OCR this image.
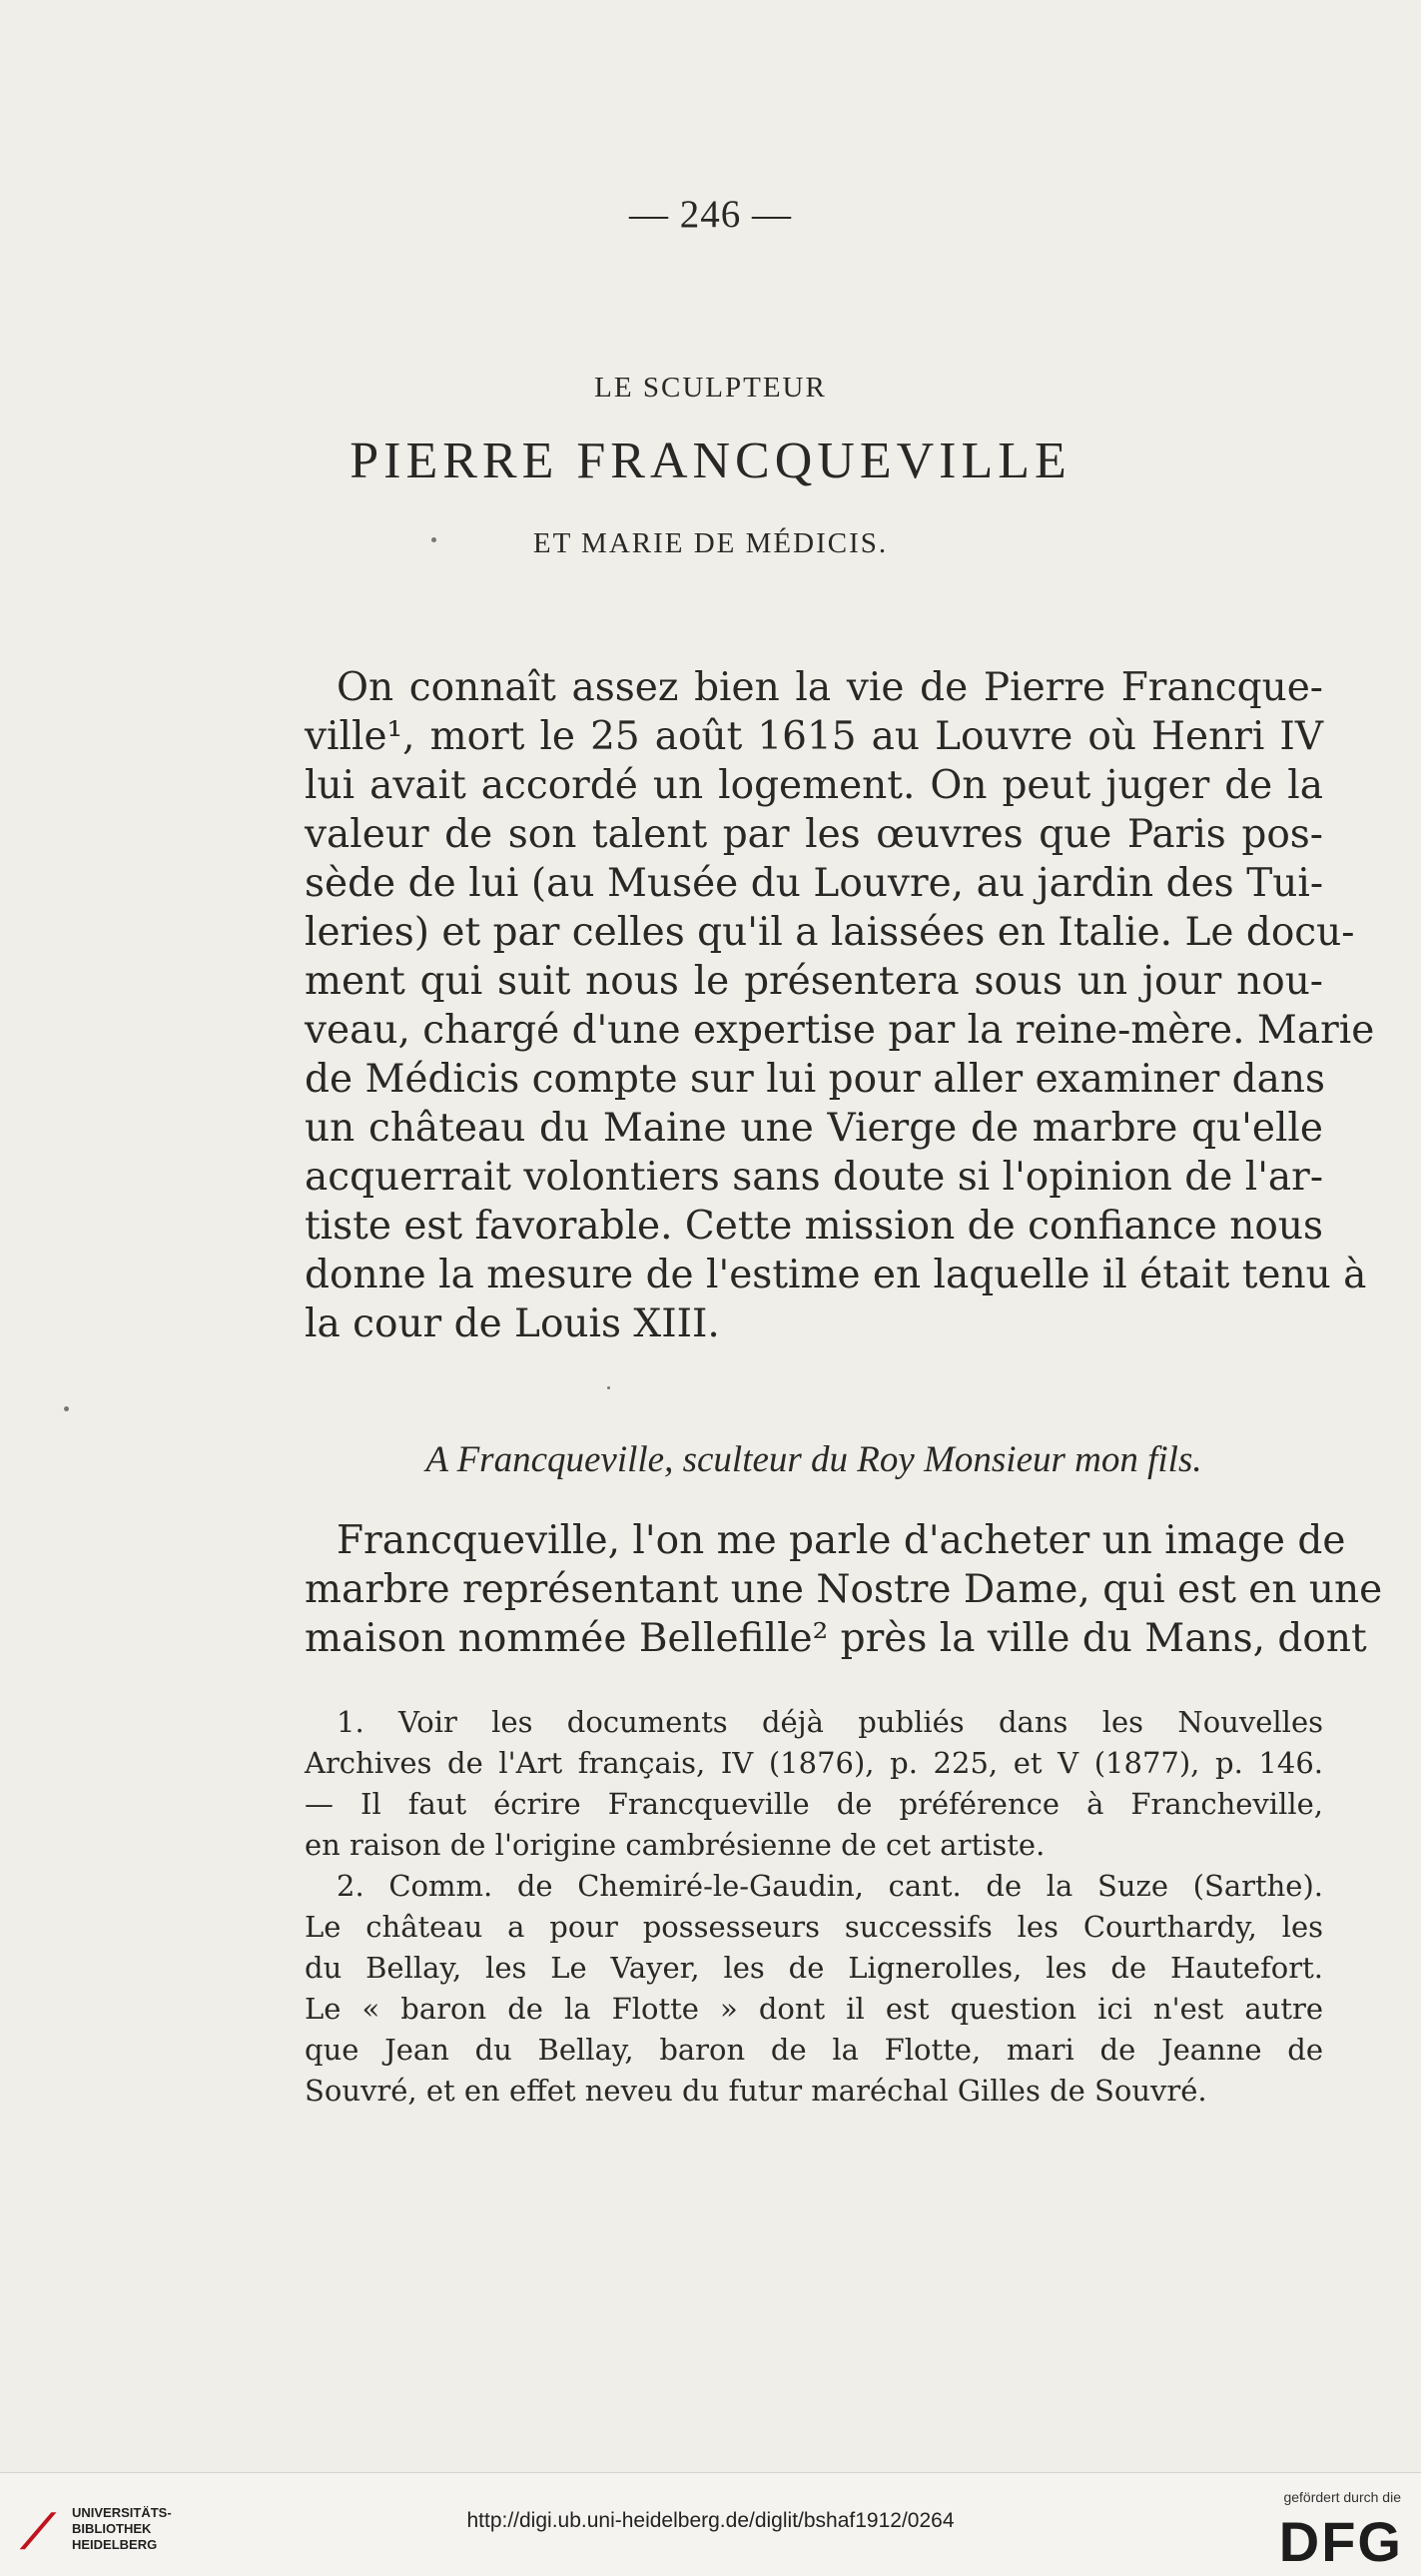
— 246 —
LE SCULPTEUR
PIERRE FRANCQUEVILLE
ET MARIE DE MÉDICIS.
On connaît assez bien la vie de Pierre Francque-
ville¹, mort le 25 août 1615 au Louvre où Henri IV
lui avait accordé un logement. On peut juger de la
valeur de son talent par les œuvres que Paris pos-
sède de lui (au Musée du Louvre, au jardin des Tui-
leries) et par celles qu'il a laissées en Italie. Le docu-
ment qui suit nous le présentera sous un jour nou-
veau, chargé d'une expertise par la reine-mère. Marie
de Médicis compte sur lui pour aller examiner dans
un château du Maine une Vierge de marbre qu'elle
acquerrait volontiers sans doute si l'opinion de l'ar-
tiste est favorable. Cette mission de confiance nous
donne la mesure de l'estime en laquelle il était tenu à
la cour de Louis XIII.
A Francqueville, sculteur du Roy Monsieur mon fils.
Francqueville, l'on me parle d'acheter un image de
marbre représentant une Nostre Dame, qui est en une
maison nommée Bellefille² près la ville du Mans, dont
1. Voir les documents déjà publiés dans les Nouvelles
Archives de l'Art français, IV (1876), p. 225, et V (1877), p. 146.
— Il faut écrire Francqueville de préférence à Francheville,
en raison de l'origine cambrésienne de cet artiste.
2. Comm. de Chemiré-le-Gaudin, cant. de la Suze (Sarthe).
Le château a pour possesseurs successifs les Courthardy, les
du Bellay, les Le Vayer, les de Lignerolles, les de Hautefort.
Le « baron de la Flotte » dont il est question ici n'est autre
que Jean du Bellay, baron de la Flotte, mari de Jeanne de
Souvré, et en effet neveu du futur maréchal Gilles de Souvré.
⟋	UNIVERSITÄTS-
BIBLIOTHEK
HEIDELBERG
http://digi.ub.uni-heidelberg.de/diglit/bshaf1912/0264
gefördert durch die
DFG
